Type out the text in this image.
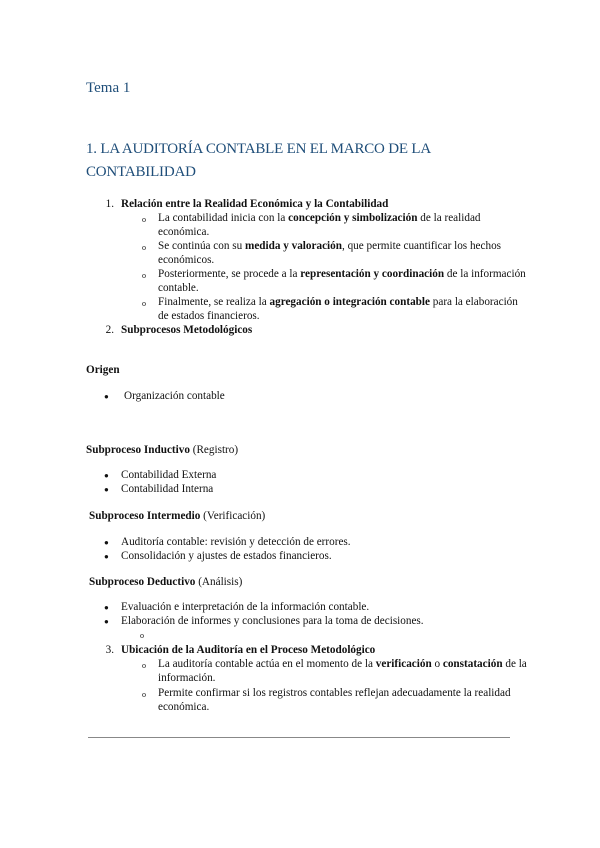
Tema 1
1. LA AUDITORÍA CONTABLE EN EL MARCO DE LA CONTABILIDAD
1. Relación entre la Realidad Económica y la Contabilidad
o La contabilidad inicia con la concepción y simbolización de la realidad económica.
o Se continúa con su medida y valoración, que permite cuantificar los hechos económicos.
o Posteriormente, se procede a la representación y coordinación de la información contable.
o Finalmente, se realiza la agregación o integración contable para la elaboración de estados financieros.
2. Subprocesos Metodológicos
Origen
● Organización contable
Subproceso Inductivo (Registro)
● Contabilidad Externa
● Contabilidad Interna
Subproceso Intermedio (Verificación)
● Auditoría contable: revisión y detección de errores.
● Consolidación y ajustes de estados financieros.
Subproceso Deductivo (Análisis)
● Evaluación e interpretación de la información contable.
● Elaboración de informes y conclusiones para la toma de decisiones.
o
3. Ubicación de la Auditoría en el Proceso Metodológico
o La auditoría contable actúa en el momento de la verificación o constatación de la información.
o Permite confirmar si los registros contables reflejan adecuadamente la realidad económica.
